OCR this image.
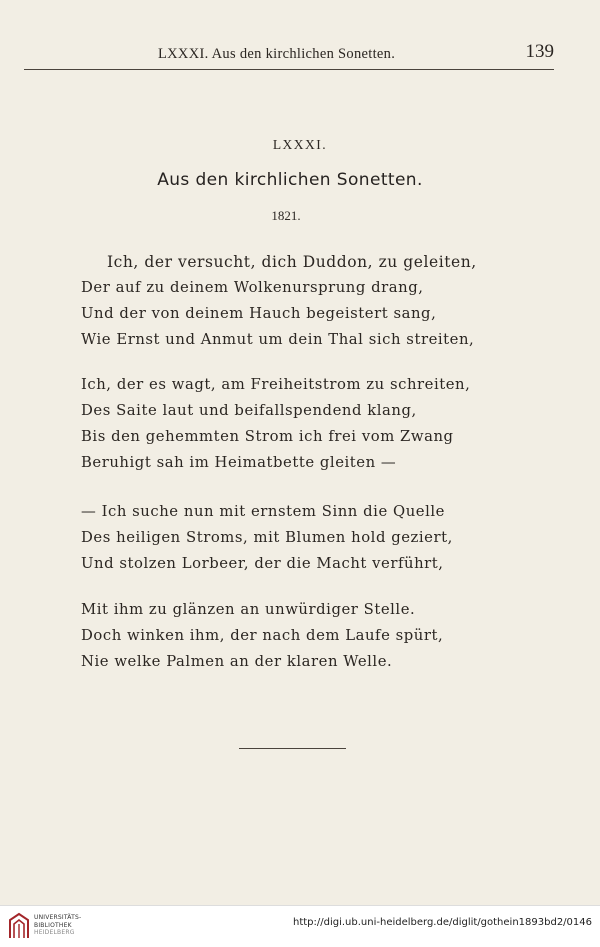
LXXXI. Aus den kirchlichen Sonetten.	139
LXXXI.
Aus den kirchlichen Sonetten.
1821.
Ich, der versucht, dich Duddon, zu geleiten,
Der auf zu deinem Wolkenursprung drang,
Und der von deinem Hauch begeistert sang,
Wie Ernst und Anmut um dein Thal sich streiten,
Ich, der es wagt, am Freiheitstrom zu schreiten,
Des Saite laut und beifallspendend klang,
Bis den gehemmten Strom ich frei vom Zwang
Beruhigt sah im Heimatbette gleiten —
— Ich suche nun mit ernstem Sinn die Quelle
Des heiligen Stroms, mit Blumen hold geziert,
Und stolzen Lorbeer, der die Macht verführt,
Mit ihm zu glänzen an unwürdiger Stelle.
Doch winken ihm, der nach dem Laufe spürt,
Nie welke Palmen an der klaren Welle.
UNIVERSITÄTS-
BIBLIOTHEK
HEIDELBERG
http://digi.ub.uni-heidelberg.de/diglit/gothein1893bd2/0146
